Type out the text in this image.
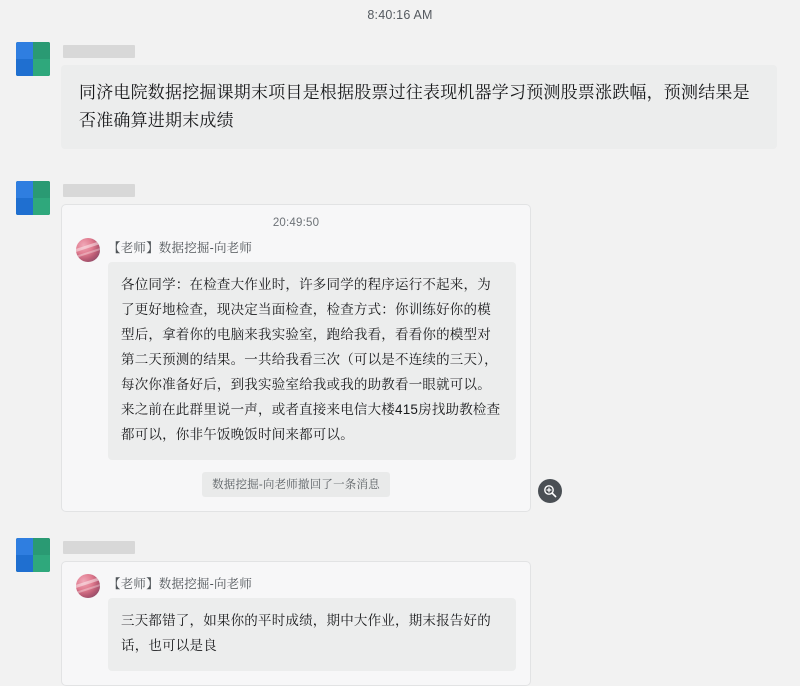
8:40:16 AM
同济电院数据挖掘课期末项目是根据股票过往表现机器学习预测股票涨跌幅，预测结果是否准确算进期末成绩
20:49:50
【老师】数据挖掘-向老师
各位同学：在检查大作业时，许多同学的程序运行不起来，为了更好地检查，现决定当面检查，检查方式：你训练好你的模型后，拿着你的电脑来我实验室，跑给我看，看看你的模型对第二天预测的结果。一共给我看三次（可以是不连续的三天），每次你准备好后，到我实验室给我或我的助教看一眼就可以。来之前在此群里说一声，或者直接来电信大楼415房找助教检查都可以，你非午饭晚饭时间来都可以。
数据挖掘-向老师撤回了一条消息
【老师】数据挖掘-向老师
三天都错了，如果你的平时成绩，期中大作业，期末报告好的话，也可以是良
